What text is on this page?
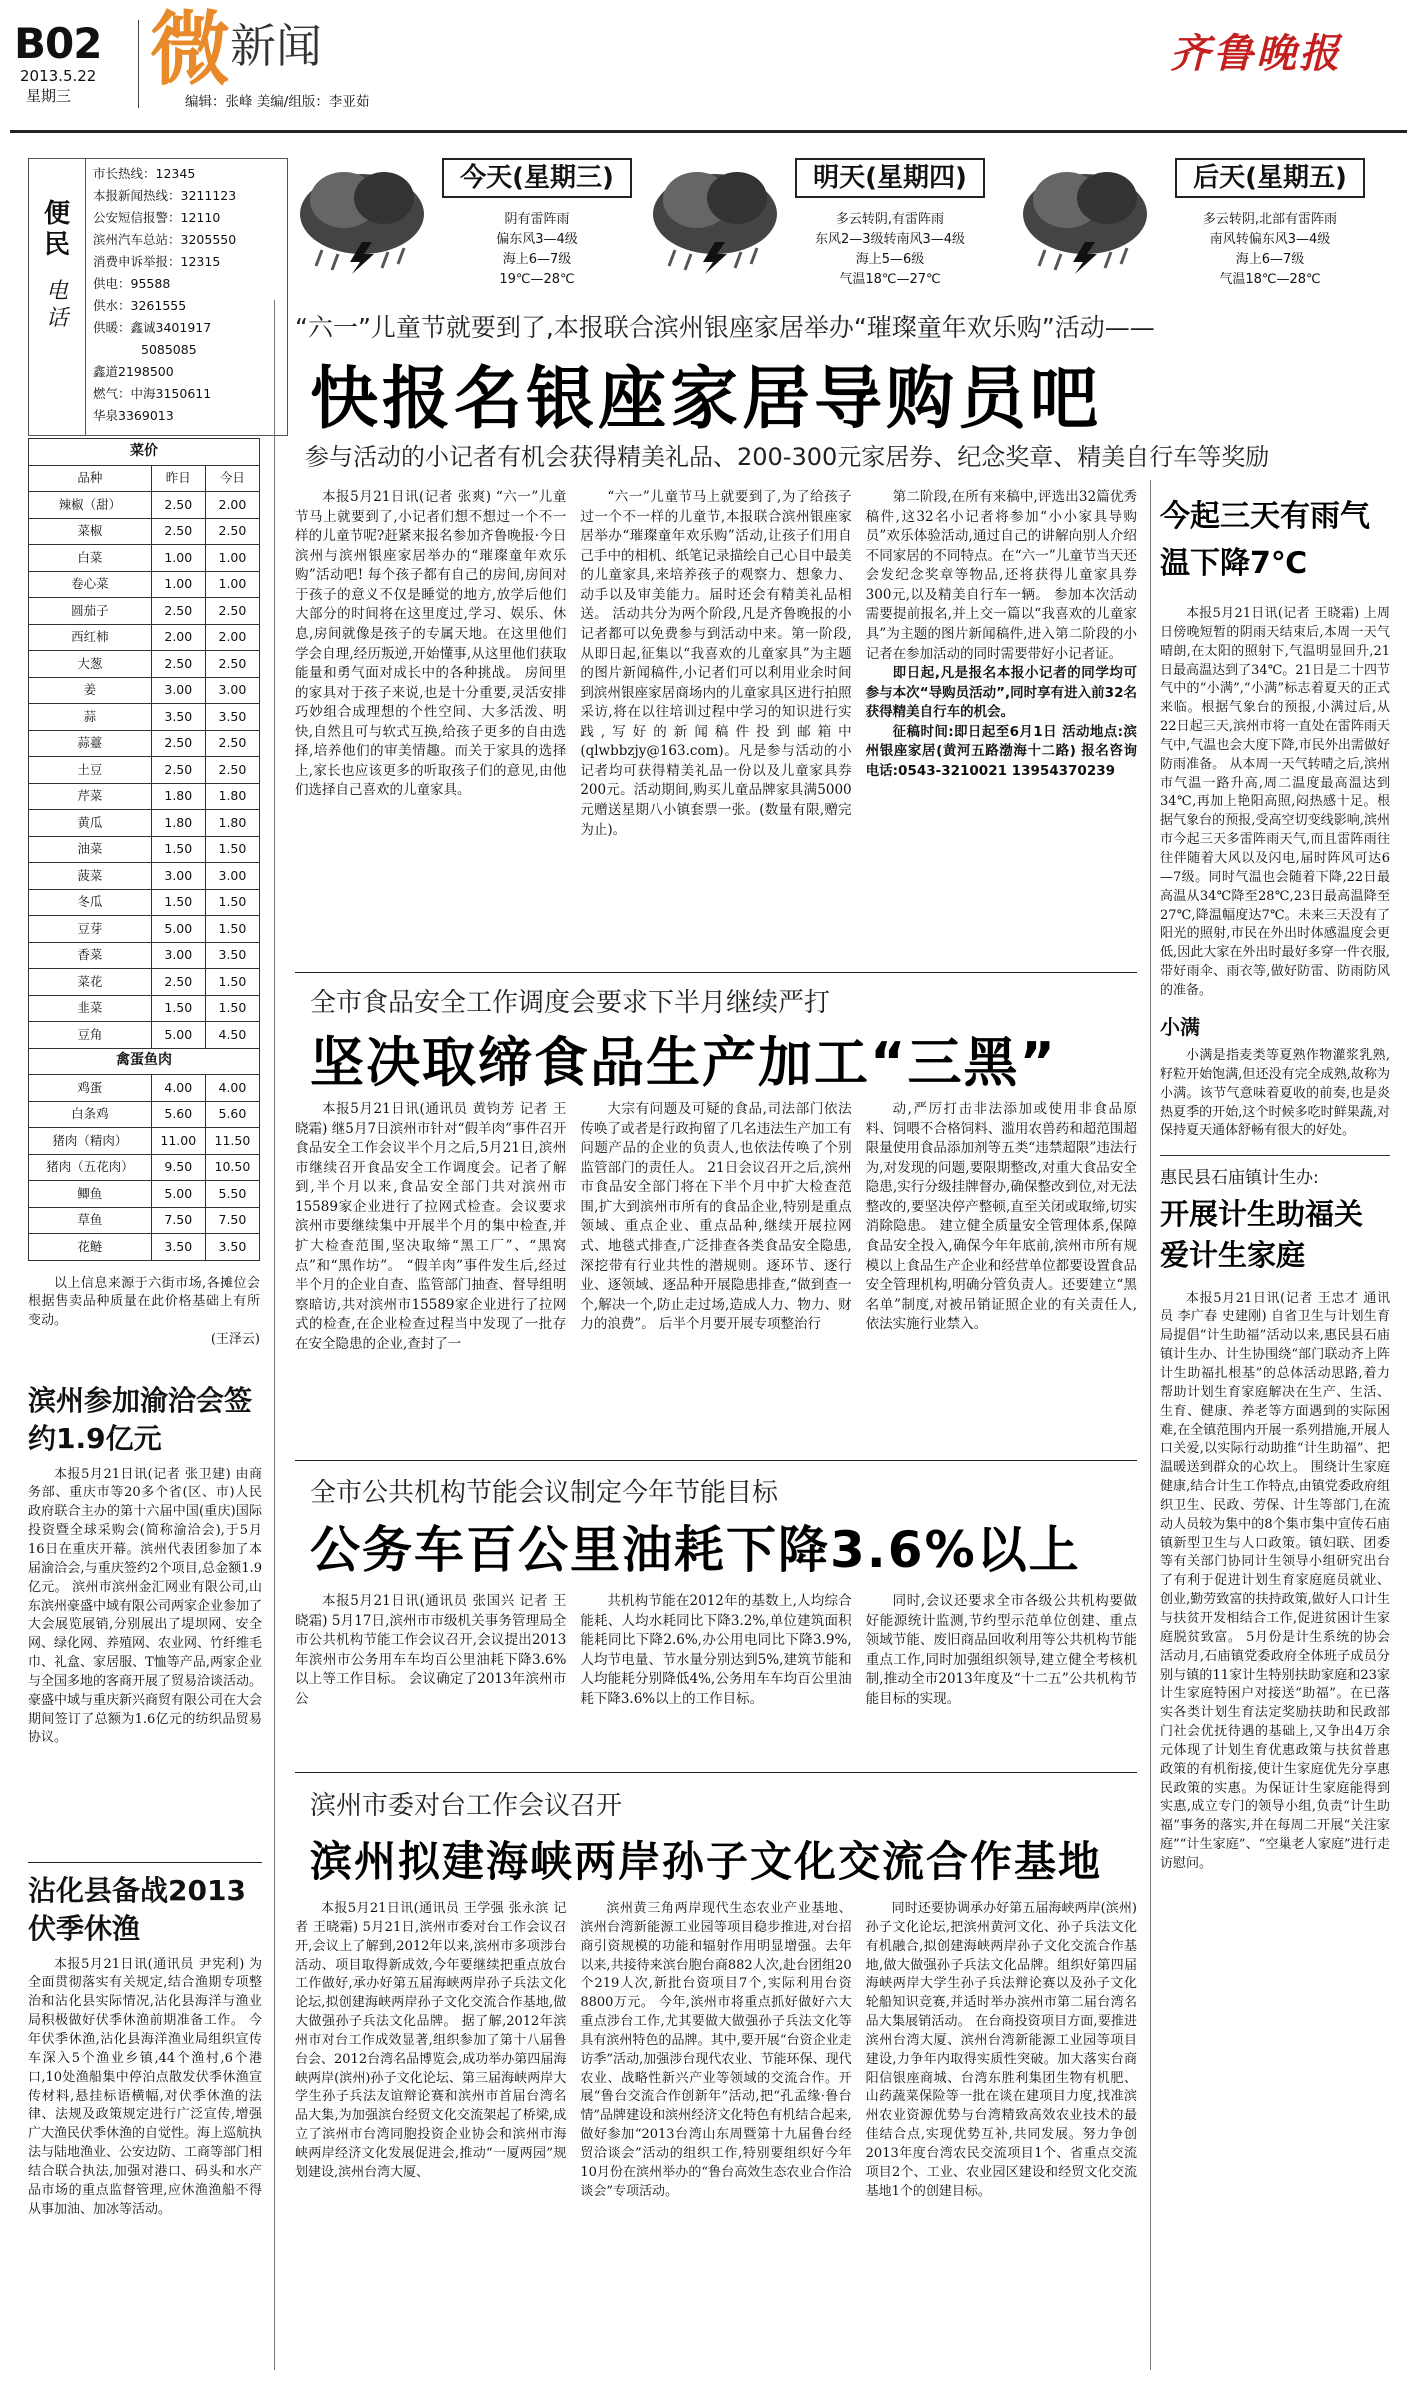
B02
2013.5.22
星期三 微新闻
编辑：张峰 美编/组版：李亚茹
齐鲁晚报
便
民
电
话
市长热线：12345
本报新闻热线：3211123
公安短信报警：12110
滨州汽车总站：3205550
消费申诉举报：12315
供电：95588
供水：3261555
供暖：鑫诚3401917
5085085
鑫道2198500
燃气：中海3150611
华泉3369013
今天(星期三)
阴有雷阵雨
偏东风3—4级
海上6—7级
19℃—28℃
明天(星期四)
多云转阴,有雷阵雨
东风2—3级转南风3—4级
海上5—6级
气温18℃—27℃
后天(星期五)
多云转阴,北部有雷阵雨
南风转偏东风3—4级
海上6—7级
气温18℃—28℃
菜价		
品种	昨日	今日
辣椒（甜）	2.50	2.00
菜椒	2.50	2.50
白菜	1.00	1.00
卷心菜	1.00	1.00
圆茄子	2.50	2.50
西红柿	2.00	2.00
大葱	2.50	2.50
姜	3.00	3.00
蒜	3.50	3.50
蒜薹	2.50	2.50
土豆	2.50	2.50
芹菜	1.80	1.80
黄瓜	1.80	1.80
油菜	1.50	1.50
菠菜	3.00	3.00
冬瓜	1.50	1.50
豆芽	5.00	1.50
香菜	3.00	3.50
菜花	2.50	1.50
韭菜	1.50	1.50
豆角	5.00	4.50
禽蛋鱼肉		
鸡蛋	4.00	4.00
白条鸡	5.60	5.60
猪肉（精肉）	11.00	11.50
猪肉（五花肉）	9.50	10.50
鲫鱼	5.00	5.50
草鱼	7.50	7.50
花鲢	3.50	3.50

以上信息来源于六街市场,各摊位会根据售卖品种质量在此价格基础上有所变动。

(王泽云)
滨州参加渝洽会签约1.9亿元

本报5月21日讯(记者 张卫建) 由商务部、重庆市等20多个省(区、市)人民政府联合主办的第十六届中国(重庆)国际投资暨全球采购会(简称渝洽会),于5月16日在重庆开幕。滨州代表团参加了本届渝洽会,与重庆签约2个项目,总金额1.9亿元。 滨州市滨州金汇网业有限公司,山东滨州豪盛中域有限公司两家企业参加了大会展览展销,分别展出了堤坝网、安全网、绿化网、养殖网、农业网、竹纤维毛巾、礼盒、家居服、T恤等产品,两家企业与全国多地的客商开展了贸易洽谈活动。豪盛中域与重庆新兴商贸有限公司在大会期间签订了总额为1.6亿元的纺织品贸易协议。

沾化县备战2013伏季休渔

本报5月21日讯(通讯员 尹宪利) 为全面贯彻落实有关规定,结合渔期专项整治和沾化县实际情况,沾化县海洋与渔业局积极做好伏季休渔前期准备工作。 今年伏季休渔,沾化县海洋渔业局组织宣传车深入5个渔业乡镇,44个渔村,6个港口,10处渔船集中停泊点散发伏季休渔宣传材料,悬挂标语横幅,对伏季休渔的法律、法规及政策规定进行广泛宣传,增强广大渔民伏季休渔的自觉性。海上巡航执法与陆地渔业、公安边防、工商等部门相结合联合执法,加强对港口、码头和水产品市场的重点监督管理,应休渔渔船不得从事加油、加冰等活动。

“六一”儿童节就要到了,本报联合滨州银座家居举办“璀璨童年欢乐购”活动——
快报名银座家居导购员吧
参与活动的小记者有机会获得精美礼品、200-300元家居券、纪念奖章、精美自行车等奖励

本报5月21日讯(记者 张爽) “六一”儿童节马上就要到了,小记者们想不想过一个不一样的儿童节呢?赶紧来报名参加齐鲁晚报·今日滨州与滨州银座家居举办的“璀璨童年欢乐购”活动吧! 每个孩子都有自己的房间,房间对于孩子的意义不仅是睡觉的地方,放学后他们大部分的时间将在这里度过,学习、娱乐、休息,房间就像是孩子的专属天地。在这里他们学会自理,经历叛逆,开始懂事,从这里他们获取能量和勇气面对成长中的各种挑战。 房间里的家具对于孩子来说,也是十分重要,灵活安排巧妙组合成理想的个性空间、大多活泼、明快,自然且可与软式互换,给孩子更多的自由选择,培养他们的审美情趣。而关于家具的选择上,家长也应该更多的听取孩子们的意见,由他们选择自己喜欢的儿童家具。

“六一”儿童节马上就要到了,为了给孩子过一个不一样的儿童节,本报联合滨州银座家居举办“璀璨童年欢乐购”活动,让孩子们用自己手中的相机、纸笔记录描绘自己心目中最美的儿童家具,来培养孩子的观察力、想象力、动手以及审美能力。届时还会有精美礼品相送。 活动共分为两个阶段,凡是齐鲁晚报的小记者都可以免费参与到活动中来。第一阶段,从即日起,征集以“我喜欢的儿童家具”为主题的图片新闻稿件,小记者们可以利用业余时间到滨州银座家居商场内的儿童家具区进行拍照采访,将在以往培训过程中学习的知识进行实践,写好的新闻稿件投到邮箱中(qlwbbzjy@163.com)。凡是参与活动的小记者均可获得精美礼品一份以及儿童家具券200元。活动期间,购买儿童品牌家具满5000元赠送星期八小镇套票一张。(数量有限,赠完为止)。

第二阶段,在所有来稿中,评选出32篇优秀稿件,这32名小记者将参加“小小家具导购员”欢乐体验活动,通过自己的讲解向别人介绍不同家居的不同特点。在“六一”儿童节当天还会发纪念奖章等物品,还将获得儿童家具券300元,以及精美自行车一辆。 参加本次活动需要提前报名,并上交一篇以“我喜欢的儿童家具”为主题的图片新闻稿件,进入第二阶段的小记者在参加活动的同时需要带好小记者证。

即日起,凡是报名本报小记者的同学均可参与本次“导购员活动”,同时享有进入前32名获得精美自行车的机会。

征稿时间:即日起至6月1日 活动地点:滨州银座家居(黄河五路渤海十二路) 报名咨询电话:0543-3210021 13954370239

全市食品安全工作调度会要求下半月继续严打
坚决取缔食品生产加工“三黑”

本报5月21日讯(通讯员 黄钧芳 记者 王晓霜) 继5月7日滨州市针对“假羊肉”事件召开食品安全工作会议半个月之后,5月21日,滨州市继续召开食品安全工作调度会。记者了解到,半个月以来,食品安全部门共对滨州市15589家企业进行了拉网式检查。会议要求滨州市要继续集中开展半个月的集中检查,并扩大检查范围,坚决取缔“黑工厂”、“黑窝点”和“黑作坊”。 “假羊肉”事件发生后,经过半个月的企业自查、监管部门抽查、督导组明察暗访,共对滨州市15589家企业进行了拉网式的检查,在企业检查过程当中发现了一批存在安全隐患的企业,查封了一

大宗有问题及可疑的食品,司法部门依法传唤了或者是行政拘留了几名违法生产加工有问题产品的企业的负责人,也依法传唤了个别监管部门的责任人。 21日会议召开之后,滨州市食品安全部门将在下半个月中扩大检查范围,扩大到滨州市所有的食品企业,特别是重点领域、重点企业、重点品种,继续开展拉网式、地毯式排查,广泛排查各类食品安全隐患,深挖带有行业共性的潜规则。逐环节、逐行业、逐领域、逐品种开展隐患排查,“做到查一个,解决一个,防止走过场,造成人力、物力、财力的浪费”。 后半个月要开展专项整治行

动,严厉打击非法添加或使用非食品原料、饲喂不合格饲料、滥用农兽药和超范围超限量使用食品添加剂等五类“违禁超限”违法行为,对发现的问题,要限期整改,对重大食品安全隐患,实行分级挂牌督办,确保整改到位,对无法整改的,要坚决停产整顿,直至关闭或取缔,切实消除隐患。 建立健全质量安全管理体系,保障食品安全投入,确保今年年底前,滨州市所有规模以上食品生产企业和经营单位都要设置食品安全管理机构,明确分管负责人。还要建立“黑名单”制度,对被吊销证照企业的有关责任人,依法实施行业禁入。

全市公共机构节能会议制定今年节能目标
公务车百公里油耗下降3.6%以上

本报5月21日讯(通讯员 张国兴 记者 王晓霜) 5月17日,滨州市市级机关事务管理局全市公共机构节能工作会议召开,会议提出2013年滨州市公务用车车均百公里油耗下降3.6%以上等工作目标。 会议确定了2013年滨州市公

共机构节能在2012年的基数上,人均综合能耗、人均水耗同比下降3.2%,单位建筑面积能耗同比下降2.6%,办公用电同比下降3.9%,人均节电量、节水量分别达到5%,建筑节能和人均能耗分别降低4%,公务用车车均百公里油耗下降3.6%以上的工作目标。

同时,会议还要求全市各级公共机构要做好能源统计监测,节约型示范单位创建、重点领域节能、废旧商品回收利用等公共机构节能重点工作,同时加强组织领导,建立健全考核机制,推动全市2013年度及“十二五”公共机构节能目标的实现。

滨州市委对台工作会议召开
滨州拟建海峡两岸孙子文化交流合作基地

本报5月21日讯(通讯员 王学强 张永滨 记者 王晓霜) 5月21日,滨州市委对台工作会议召开,会议上了解到,2012年以来,滨州市多项涉台活动、项目取得新成效,今年要继续把重点放台工作做好,承办好第五届海峡两岸孙子兵法文化论坛,拟创建海峡两岸孙子文化交流合作基地,做大做强孙子兵法文化品牌。 据了解,2012年滨州市对台工作成效显著,组织参加了第十八届鲁台会、2012台湾名品博览会,成功举办第四届海峡两岸(滨州)孙子文化论坛、第三届海峡两岸大学生孙子兵法友谊辩论赛和滨州市首届台湾名品大集,为加强滨台经贸文化交流架起了桥梁,成立了滨州市台湾同胞投资企业协会和滨州市海峡两岸经济文化发展促进会,推动“一厦两园”规划建设,滨州台湾大厦、

滨州黄三角两岸现代生态农业产业基地、滨州台湾新能源工业园等项目稳步推进,对台招商引资规模的功能和辐射作用明显增强。去年以来,共接待来滨台胞台商882人次,赴台团组20个219人次,新批台资项目7个,实际利用台资8800万元。 今年,滨州市将重点抓好做好六大重点涉台工作,尤其要做大做强孙子兵法文化等具有滨州特色的品牌。其中,要开展“台资企业走访季”活动,加强涉台现代农业、节能环保、现代农业、战略性新兴产业等领域的交流合作。开展“鲁台交流合作创新年”活动,把“孔孟缘·鲁台情”品牌建设和滨州经济文化特色有机结合起来,做好参加“2013台湾山东周暨第十九届鲁台经贸洽谈会”活动的组织工作,特别要组织好今年10月份在滨州举办的“鲁台高效生态农业合作洽谈会”专项活动。

同时还要协调承办好第五届海峡两岸(滨州)孙子文化论坛,把滨州黄河文化、孙子兵法文化有机融合,拟创建海峡两岸孙子文化交流合作基地,做大做强孙子兵法文化品牌。组织好第四届海峡两岸大学生孙子兵法辩论赛以及孙子文化轮船知识竞赛,并适时举办滨州市第二届台湾名品大集展销活动。 在台商投资项目方面,要推进滨州台湾大厦、滨州台湾新能源工业园等项目建设,力争年内取得实质性突破。加大落实台商阳信银座商城、台湾东胜利集团生物有机肥、山药蔬菜保险等一批在谈在建项目力度,找准滨州农业资源优势与台湾精致高效农业技术的最佳结合点,实现优势互补,共同发展。努力争创2013年度台湾农民交流项目1个、省重点交流项目2个、工业、农业园区建设和经贸文化交流基地1个的创建目标。

今起三天有雨气温下降7℃

本报5月21日讯(记者 王晓霜) 上周日傍晚短暂的阴雨天结束后,本周一天气晴朗,在太阳的照射下,气温明显回升,21日最高温达到了34℃。21日是二十四节气中的“小满”,“小满”标志着夏天的正式来临。根据气象台的预报,小满过后,从22日起三天,滨州市将一直处在雷阵雨天气中,气温也会大度下降,市民外出需做好防雨准备。 从本周一天气转晴之后,滨州市气温一路升高,周二温度最高温达到34℃,再加上艳阳高照,闷热感十足。根据气象台的预报,受高空切变线影响,滨州市今起三天多雷阵雨天气,而且雷阵雨往往伴随着大风以及闪电,届时阵风可达6—7级。同时气温也会随着下降,22日最高温从34℃降至28℃,23日最高温降至27℃,降温幅度达7℃。未来三天没有了阳光的照射,市民在外出时体感温度会更低,因此大家在外出时最好多穿一件衣服,带好雨伞、雨衣等,做好防雷、防雨防风的准备。

小满

小满是指麦类等夏熟作物灌浆乳熟,籽粒开始饱满,但还没有完全成熟,故称为小满。该节气意味着夏收的前奏,也是炎热夏季的开始,这个时候多吃时鲜果蔬,对保持夏天通体舒畅有很大的好处。

惠民县石庙镇计生办:
开展计生助福关爱计生家庭

本报5月21日讯(记者 王忠才 通讯员 李广春 史建刚) 自省卫生与计划生育局提倡“计生助福”活动以来,惠民县石庙镇计生办、计生协围绕“部门联动齐上阵 计生助福扎根基”的总体活动思路,着力帮助计划生育家庭解决在生产、生活、生育、健康、养老等方面遇到的实际困难,在全镇范围内开展一系列措施,开展人口关爱,以实际行动助推“计生助福”、把温暖送到群众的心坎上。 围绕计生家庭健康,结合计生工作特点,由镇党委政府组织卫生、民政、劳保、计生等部门,在流动人员较为集中的8个集市集中宣传石庙镇新型卫生与人口政策。镇妇联、团委等有关部门协同计生领导小组研究出台了有利于促进计划生育家庭庭员就业、创业,勤劳致富的扶持政策,做好人口计生与扶贫开发相结合工作,促进贫困计生家庭脱贫致富。 5月份是计生系统的协会活动月,石庙镇党委政府全体班子成员分别与镇的11家计生特别扶助家庭和23家计生家庭特困户对接送“助福”。在已落实各类计划生育法定奖励扶助和民政部门社会优抚待遇的基础上,又争出4万余元体现了计划生育优惠政策与扶贫普惠政策的有机衔接,使计生家庭优先分享惠民政策的实惠。为保证计生家庭能得到实惠,成立专门的领导小组,负责“计生助福”事务的落实,并在每周二开展“关注家庭”“计生家庭”、“空巢老人家庭”进行走访慰问。
